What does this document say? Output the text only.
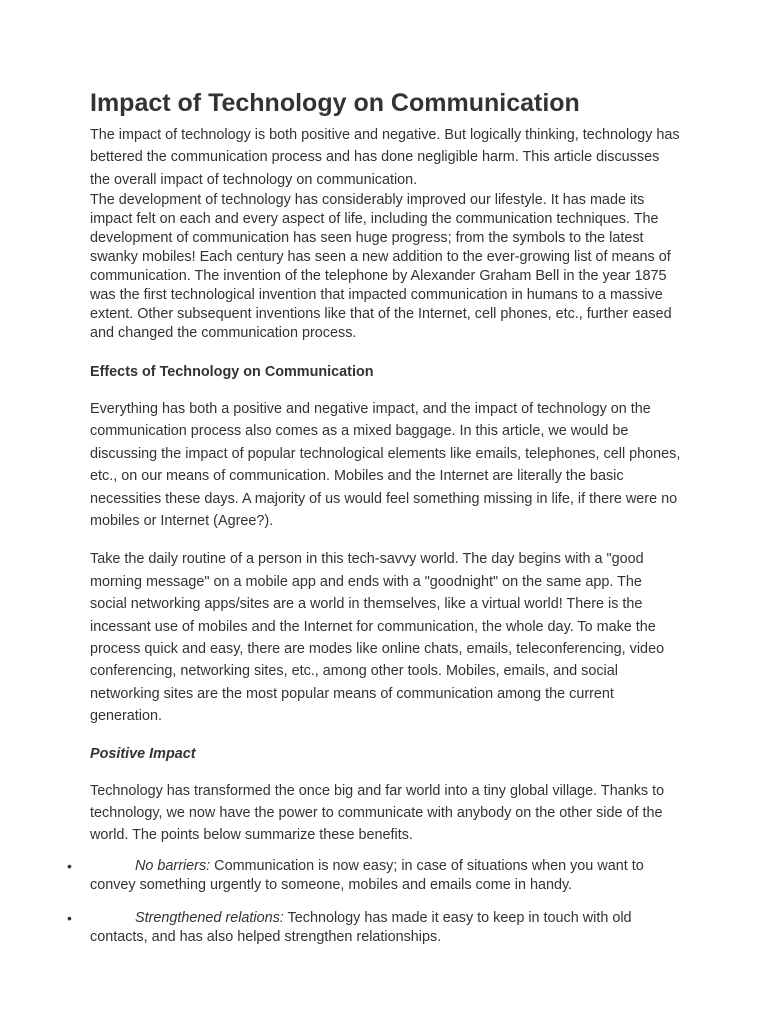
Impact of Technology on Communication

The impact of technology is both positive and negative. But logically thinking, technology has bettered the communication process and has done negligible harm. This article discusses the overall impact of technology on communication.

The development of technology has considerably improved our lifestyle. It has made its impact felt on each and every aspect of life, including the communication techniques. The development of communication has seen huge progress; from the symbols to the latest swanky mobiles! Each century has seen a new addition to the ever-growing list of means of communication. The invention of the telephone by Alexander Graham Bell in the year 1875 was the first technological invention that impacted communication in humans to a massive extent. Other subsequent inventions like that of the Internet, cell phones, etc., further eased and changed the communication process.

Effects of Technology on Communication

Everything has both a positive and negative impact, and the impact of technology on the communication process also comes as a mixed baggage. In this article, we would be discussing the impact of popular technological elements like emails, telephones, cell phones, etc., on our means of communication. Mobiles and the Internet are literally the basic necessities these days. A majority of us would feel something missing in life, if there were no mobiles or Internet (Agree?).

Take the daily routine of a person in this tech-savvy world. The day begins with a "good morning message" on a mobile app and ends with a "goodnight" on the same app. The social networking apps/sites are a world in themselves, like a virtual world! There is the incessant use of mobiles and the Internet for communication, the whole day. To make the process quick and easy, there are modes like online chats, emails, teleconferencing, video conferencing, networking sites, etc., among other tools. Mobiles, emails, and social networking sites are the most popular means of communication among the current generation.

Positive Impact

Technology has transformed the once big and far world into a tiny global village. Thanks to technology, we now have the power to communicate with anybody on the other side of the world. The points below summarize these benefits.

•	No barriers: Communication is now easy; in case of situations when you want to convey something urgently to someone, mobiles and emails come in handy.
•	Strengthened relations: Technology has made it easy to keep in touch with old contacts, and has also helped strengthen relationships.
